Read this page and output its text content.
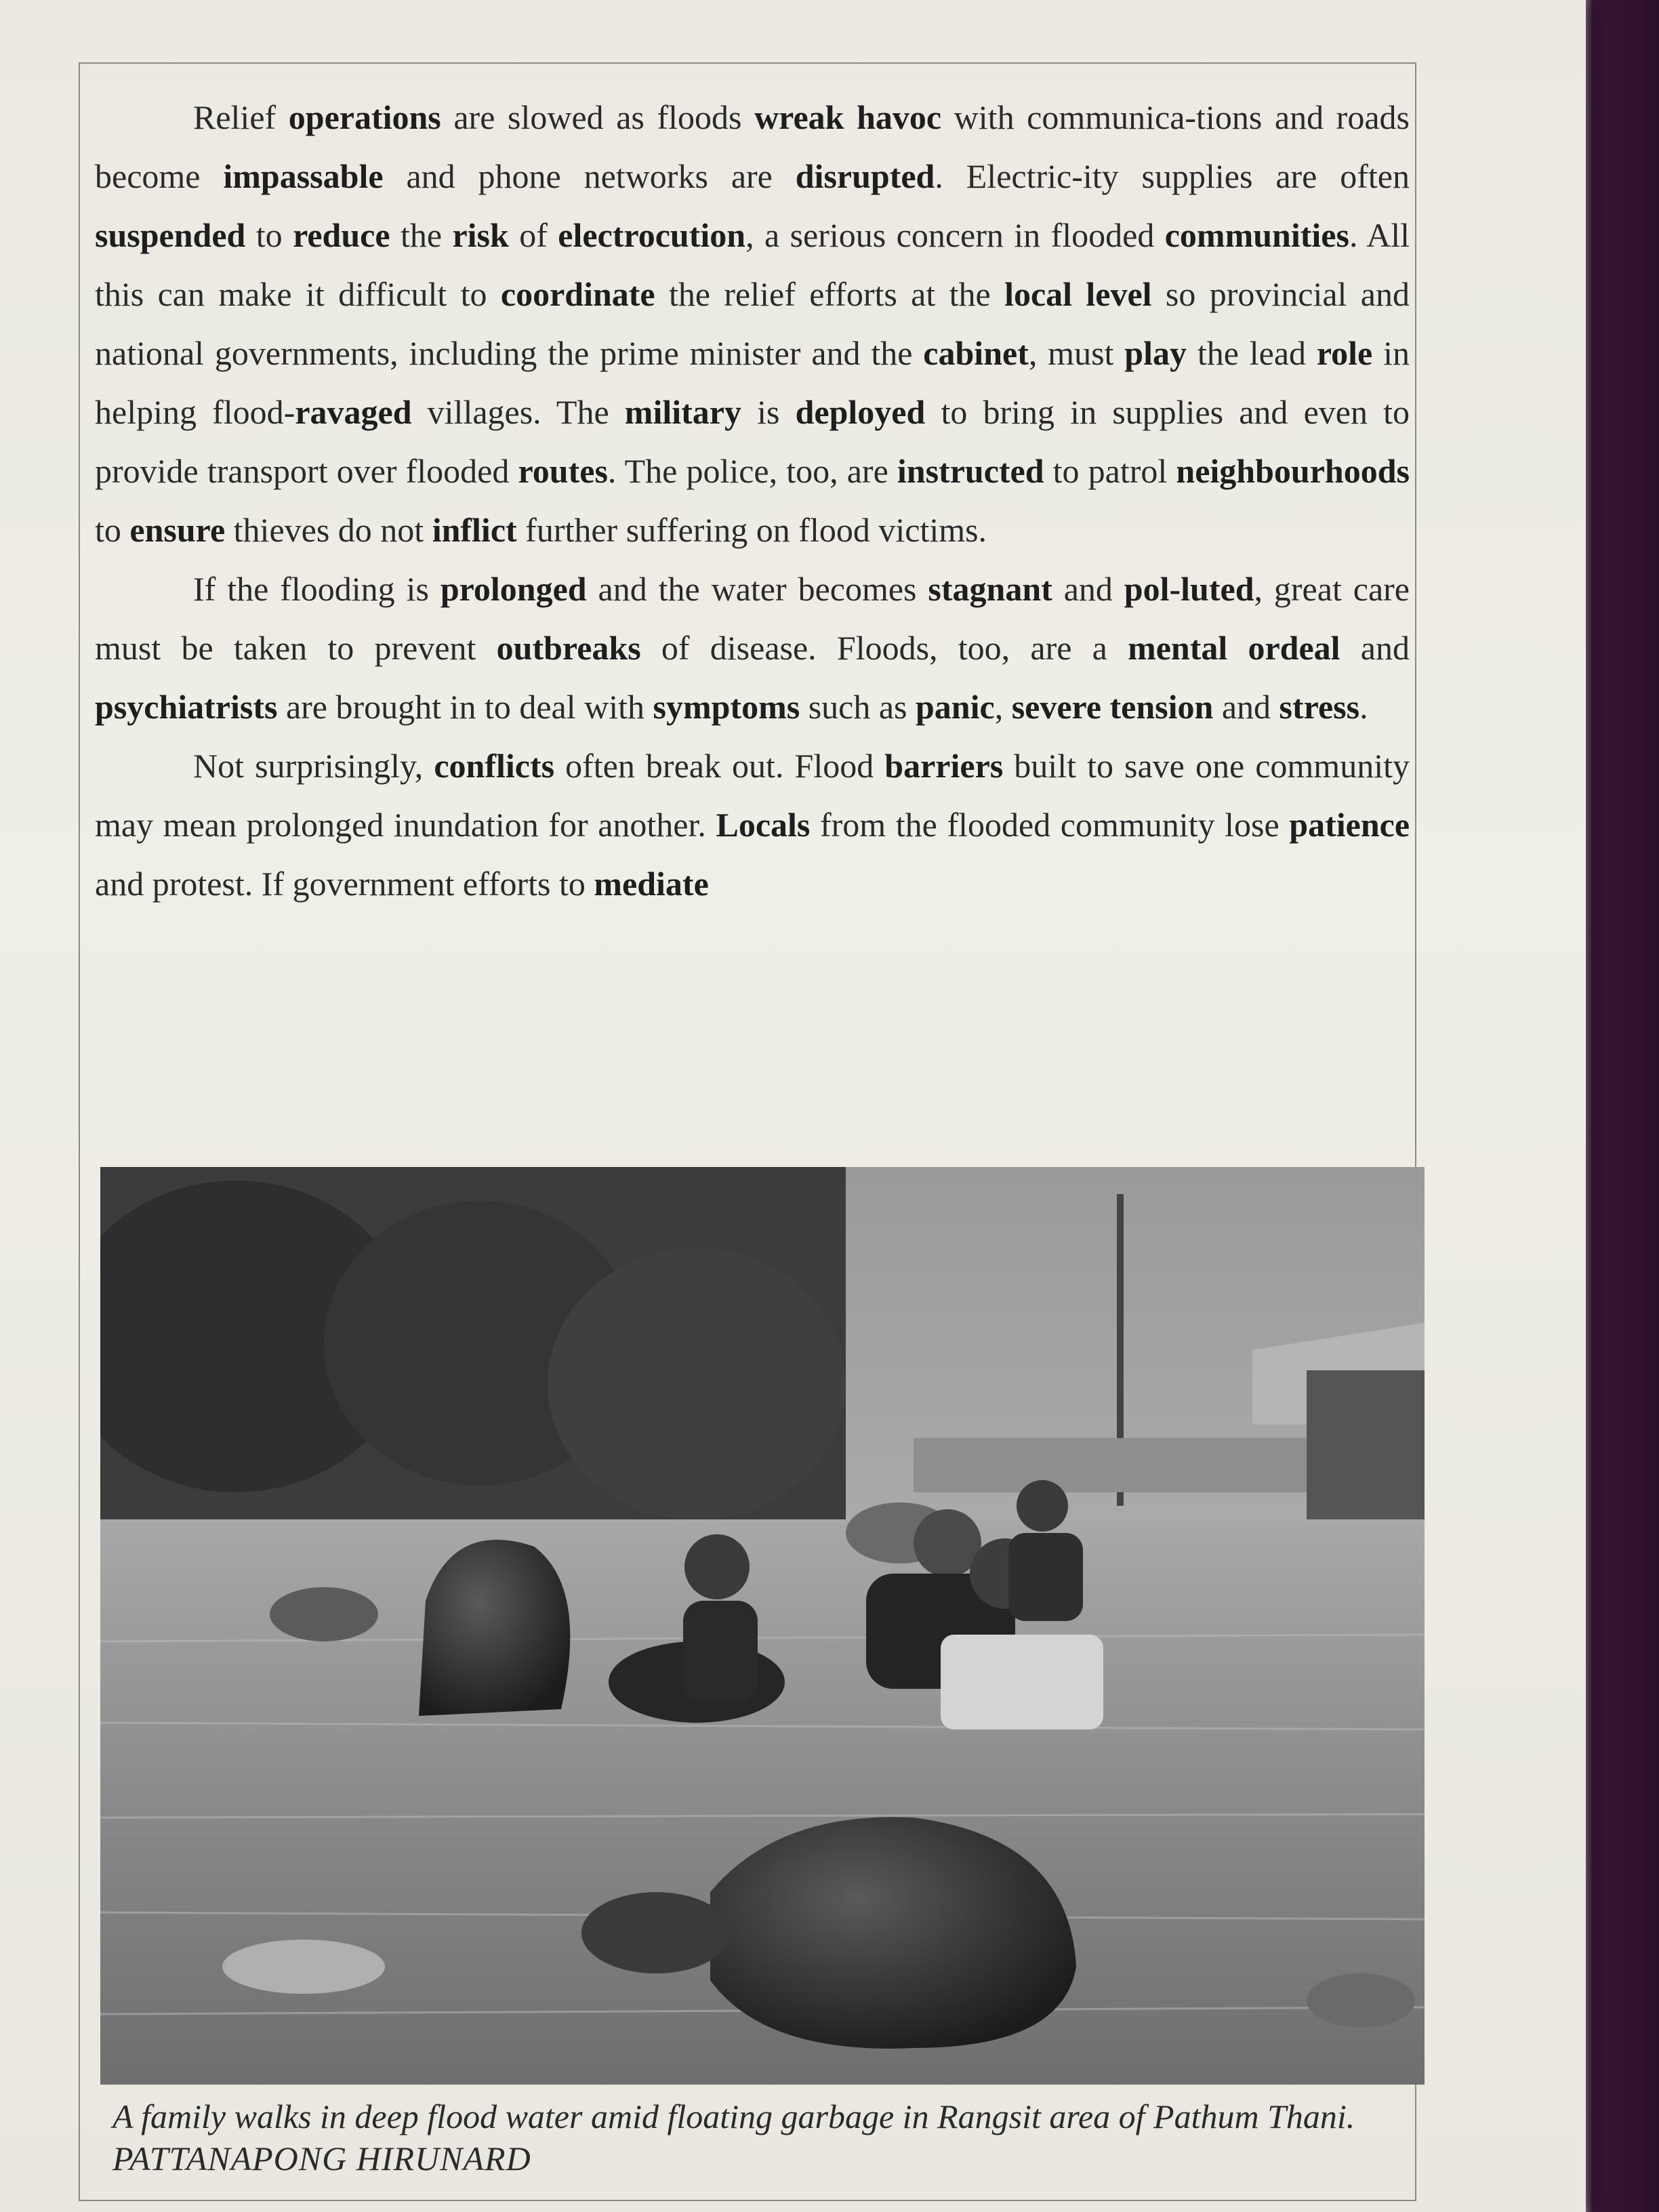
Relief operations are slowed as floods wreak havoc with communica-tions and roads become impassable and phone networks are disrupted. Electric-ity supplies are often suspended to reduce the risk of electrocution, a serious concern in flooded communities. All this can make it difficult to coordinate the relief efforts at the local level so provincial and national governments, including the prime minister and the cabinet, must play the lead role in helping flood-ravaged villages. The military is deployed to bring in supplies and even to provide transport over flooded routes. The police, too, are instructed to patrol neighbourhoods to ensure thieves do not inflict further suffering on flood victims.

If the flooding is prolonged and the water becomes stagnant and pol-luted, great care must be taken to prevent outbreaks of disease. Floods, too, are a mental ordeal and psychiatrists are brought in to deal with symptoms such as panic, severe tension and stress.

Not surprisingly, conflicts often break out. Flood barriers built to save one community may mean prolonged inundation for another. Locals from the flooded community lose patience and protest. If government efforts to mediate

A family walks in deep flood water amid floating garbage in Rangsit area of Pathum Thani. PATTANAPONG HIRUNARD
